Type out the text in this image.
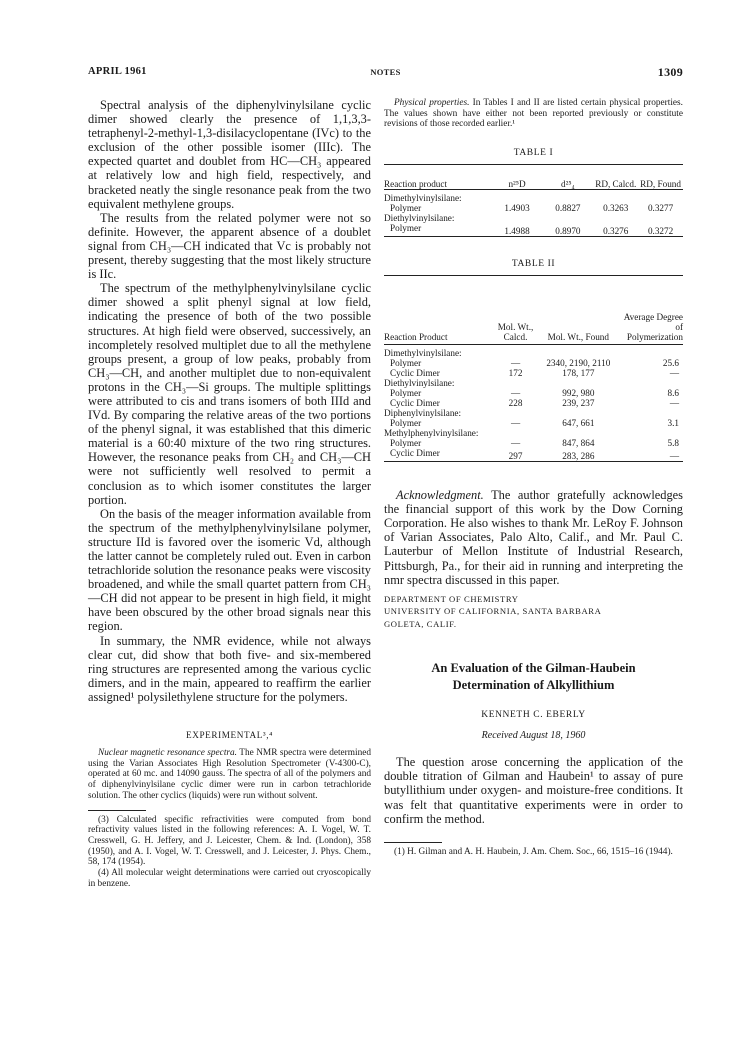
APRIL 1961	NOTES	1309

Spectral analysis of the diphenylvinylsilane cyclic dimer showed clearly the presence of 1,1,3,3-tetraphenyl-2-methyl-1,3-disilacyclopentane (IVc) to the exclusion of the other possible isomer (IIIc). The expected quartet and doublet from HC—CH₃ appeared at relatively low and high field, respectively, and bracketed neatly the single resonance peak from the two equivalent methylene groups.

The results from the related polymer were not so definite. However, the apparent absence of a doublet signal from CH₃—CH indicated that Vc is probably not present, thereby suggesting that the most likely structure is IIc.

The spectrum of the methylphenylvinylsilane cyclic dimer showed a split phenyl signal at low field, indicating the presence of both of the two possible structures. At high field were observed, successively, an incompletely resolved multiplet due to all the methylene groups present, a group of low peaks, probably from CH₃—CH, and another multiplet due to non-equivalent protons in the CH₃—Si groups. The multiple splittings were attributed to cis and trans isomers of both IIId and IVd. By comparing the relative areas of the two portions of the phenyl signal, it was established that this dimeric material is a 60:40 mixture of the two ring structures. However, the resonance peaks from CH₂ and CH₃—CH were not sufficiently well resolved to permit a conclusion as to which isomer constitutes the larger portion.

On the basis of the meager information available from the spectrum of the methylphenylvinylsilane polymer, structure IId is favored over the isomeric Vd, although the latter cannot be completely ruled out. Even in carbon tetrachloride solution the resonance peaks were viscosity broadened, and while the small quartet pattern from CH₃—CH did not appear to be present in high field, it might have been obscured by the other broad signals near this region.

In summary, the NMR evidence, while not always clear cut, did show that both five- and six-membered ring structures are represented among the various cyclic dimers, and in the main, appeared to reaffirm the earlier assigned¹ polysilethylene structure for the polymers.

EXPERIMENTAL³,⁴

Nuclear magnetic resonance spectra. The NMR spectra were determined using the Varian Associates High Resolution Spectrometer (V-4300-C), operated at 60 mc. and 14090 gauss. The spectra of all of the polymers and of diphenylvinylsilane cyclic dimer were run in carbon tetrachloride solution. The other cyclics (liquids) were run without solvent.

(3) Calculated specific refractivities were computed from bond refractivity values listed in the following references: A. I. Vogel, W. T. Cresswell, G. H. Jeffery, and J. Leicester, Chem. & Ind. (London), 358 (1950), and A. I. Vogel, W. T. Cresswell, and J. Leicester, J. Phys. Chem., 58, 174 (1954).

(4) All molecular weight determinations were carried out cryoscopically in benzene.

Physical properties. In Tables I and II are listed certain physical properties. The values shown have either not been reported previously or constitute revisions of those recorded earlier.¹

TABLE I
Reaction product	n²⁵D	d²⁵₄	RD, Calcd.	RD, Found
Dimethylvinylsilane:				
Polymer	1.4903	0.8827	0.3263	0.3277
Diethylvinylsilane:				
Polymer	1.4988	0.8970	0.3276	0.3272
TABLE II
Reaction Product	Mol. Wt., Calcd.	Mol. Wt., Found	Average Degree of Polymerization
Dimethylvinylsilane:			
Polymer	—	2340, 2190, 2110	25.6
Cyclic Dimer	172	178, 177	—
Diethylvinylsilane:			
Polymer	—	992, 980	8.6
Cyclic Dimer	228	239, 237	—
Diphenylvinylsilane:			
Polymer	—	647, 661	3.1
Methylphenylvinylsilane:			
Polymer	—	847, 864	5.8
Cyclic Dimer	297	283, 286	—

Acknowledgment. The author gratefully acknowledges the financial support of this work by the Dow Corning Corporation. He also wishes to thank Mr. LeRoy F. Johnson of Varian Associates, Palo Alto, Calif., and Mr. Paul C. Lauterbur of Mellon Institute of Industrial Research, Pittsburgh, Pa., for their aid in running and interpreting the nmr spectra discussed in this paper.

DEPARTMENT OF CHEMISTRY
UNIVERSITY OF CALIFORNIA, SANTA BARBARA
GOLETA, CALIF.
An Evaluation of the Gilman-Haubein Determination of Alkyllithium
KENNETH C. EBERLY
Received August 18, 1960

The question arose concerning the application of the double titration of Gilman and Haubein¹ to assay of pure butyllithium under oxygen- and moisture-free conditions. It was felt that quantitative experiments were in order to confirm the method.

(1) H. Gilman and A. H. Haubein, J. Am. Chem. Soc., 66, 1515–16 (1944).
